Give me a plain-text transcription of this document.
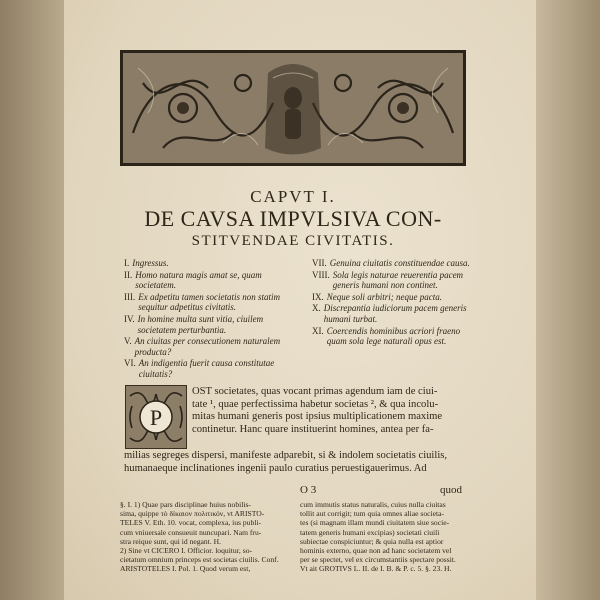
CAPVT I.
DE CAVSA IMPVLSIVA CON-
STITVENDAE CIVITATIS.
I. Ingressus.
II. Homo natura magis amat se, quam societatem.
III. Ex adpetitu tamen societatis non statim sequitur adpetitus civitatis.
IV. In homine multa sunt vitia, ciuilem societatem perturbantia.
V. An ciuitas per consecutionem naturalem producta?
VI. An indigentia fuerit causa constitutae ciuitatis?
VII. Genuina ciuitatis constituendae causa.
VIII. Sola legis naturae reuerentia pacem generis humani non continet.
IX. Neque soli arbitri; neque pacta.
X. Discrepantia iudiciorum pacem generis humani turbat.
XI. Coercendis hominibus acriori fraeno quam sola lege naturali opus est.
P
OST societates, quas vocant primas agendum iam de ciui-
tate ¹, quae perfectissima habetur societas ², & qua incolu-
mitas humani generis post ipsius multiplicationem maxime
continetur. Hanc quare instituerint homines, antea per fa-
milias segreges dispersi, manifeste adparebit, si & indolem societatis ciuilis,
humanaeque inclinationes ingenii paulo curatius peruestigauerimus. Ad
O 3	quod
§. I. 1) Quae pars disciplinae huius nobilis-
sima, quippe τὸ δίκαιον πολιτικόν, vt ARISTO-
TELES V. Eth. 10. vocat, complexa, ius publi-
cum vniuersale consueuit nuncupari. Nam fru-
stra reique sunt, qui id negant. H.
2) Sine vt CICERO I. Officior. loquitur, so-
cietatum omnium princeps est societas ciuilis. Conf.
ARISTOTELES I. Pol. 1. Quod verum est,
cum immutis status naturalis, cuius nulla ciuitas
tollit aut corrigit; tum quia omnes aliae societa-
tes (si magnam illam mundi ciuitatem siue socie-
tatem generis humani excipias) societati ciuili
subiectae conspiciuntur; & quia nulla est aptior
hominis externo, quae non ad hanc societatem vel
per se spectet, vel ex circumstantiis spectare possit.
Vt ait GROTIVS L. II. de I. B. & P. c. 5. §. 23. H.
